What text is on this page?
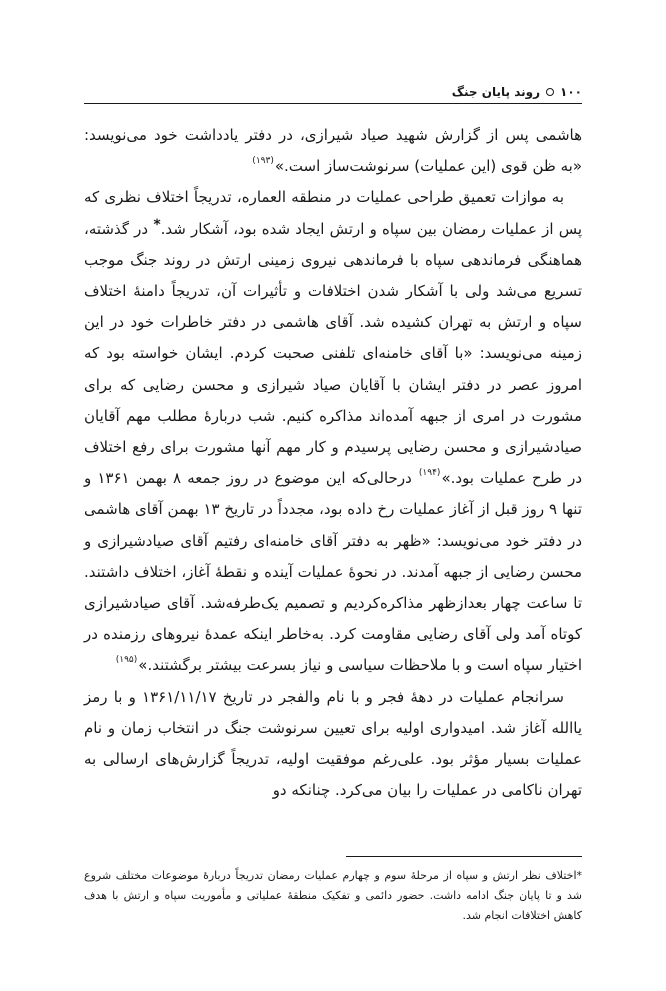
۱۰۰
روند پایان جنگ

هاشمی پس از گزارش شهید صیاد شیرازی، در دفتر یادداشت خود می‌نویسد: «به ظن قوی (این عملیات) سرنوشت‌ساز است.»$^{(۱۹۳)}$

به موازات تعمیق طراحی عملیات در منطقه العماره، تدریجاً اختلاف نظری که پس از عملیات رمضان بین سپاه و ارتش ایجاد شده بود، آشکار شد.* در گذشته، هماهنگی فرماندهی سپاه با فرماندهی نیروی زمینی ارتش در روند جنگ موجب تسریع می‌شد ولی با آشکار شدن اختلافات و تأثیرات آن، تدریجاً دامنهٔ اختلاف سپاه و ارتش به تهران کشیده شد. آقای هاشمی در دفتر خاطرات خود در این زمینه می‌نویسد: «با آقای خامنه‌ای تلفنی صحبت کردم. ایشان خواسته بود که امروز عصر در دفتر ایشان با آقایان صیاد شیرازی و محسن رضایی که برای مشورت در امری از جبهه آمده‌اند مذاکره کنیم. شب دربارهٔ مطلب مهم آقایان صیادشیرازی و محسن رضایی پرسیدم و کار مهم آنها مشورت برای رفع اختلاف در طرح عملیات بود.»$^{(۱۹۴)}$ درحالی‌که این موضوع در روز جمعه ۸ بهمن ۱۳۶۱ و تنها ۹ روز قبل از آغاز عملیات رخ داده بود، مجدداً در تاریخ ۱۳ بهمن آقای هاشمی در دفتر خود می‌نویسد: «ظهر به دفتر آقای خامنه‌ای رفتیم آقای صیادشیرازی و محسن رضایی از جبهه آمدند. در نحوهٔ عملیات آینده و نقطهٔ آغاز، اختلاف داشتند. تا ساعت چهار بعدازظهر مذاکره‌کردیم و تصمیم یک‌طرفه‌شد. آقای صیادشیرازی کوتاه آمد ولی آقای رضایی مقاومت کرد. به‌خاطر اینکه عمدهٔ نیروهای رزمنده در اختیار سپاه است و با ملاحظات سیاسی و نیاز بسرعت بیشتر برگشتند.»$^{(۱۹۵)}$

سرانجام عملیات در دههٔ فجر و با نام والفجر در تاریخ ۱۳۶۱/۱۱/۱۷ و با رمز یاالله آغاز شد. امیدواری اولیه برای تعیین سرنوشت جنگ در انتخاب زمان و نام عملیات بسیار مؤثر بود. علی‌رغم موفقیت اولیه، تدریجاً گزارش‌های ارسالی به تهران ناکامی در عملیات را بیان می‌کرد. چنانکه دو

*اختلاف نظر ارتش و سپاه از مرحلهٔ سوم و چهارم عملیات رمضان تدریجاً دربارهٔ موضوعات مختلف شروع شد و تا پایان جنگ ادامه داشت. حضور دائمی و تفکیک منطقهٔ عملیاتی و مأموریت سپاه و ارتش با هدف کاهش اختلافات انجام شد.
